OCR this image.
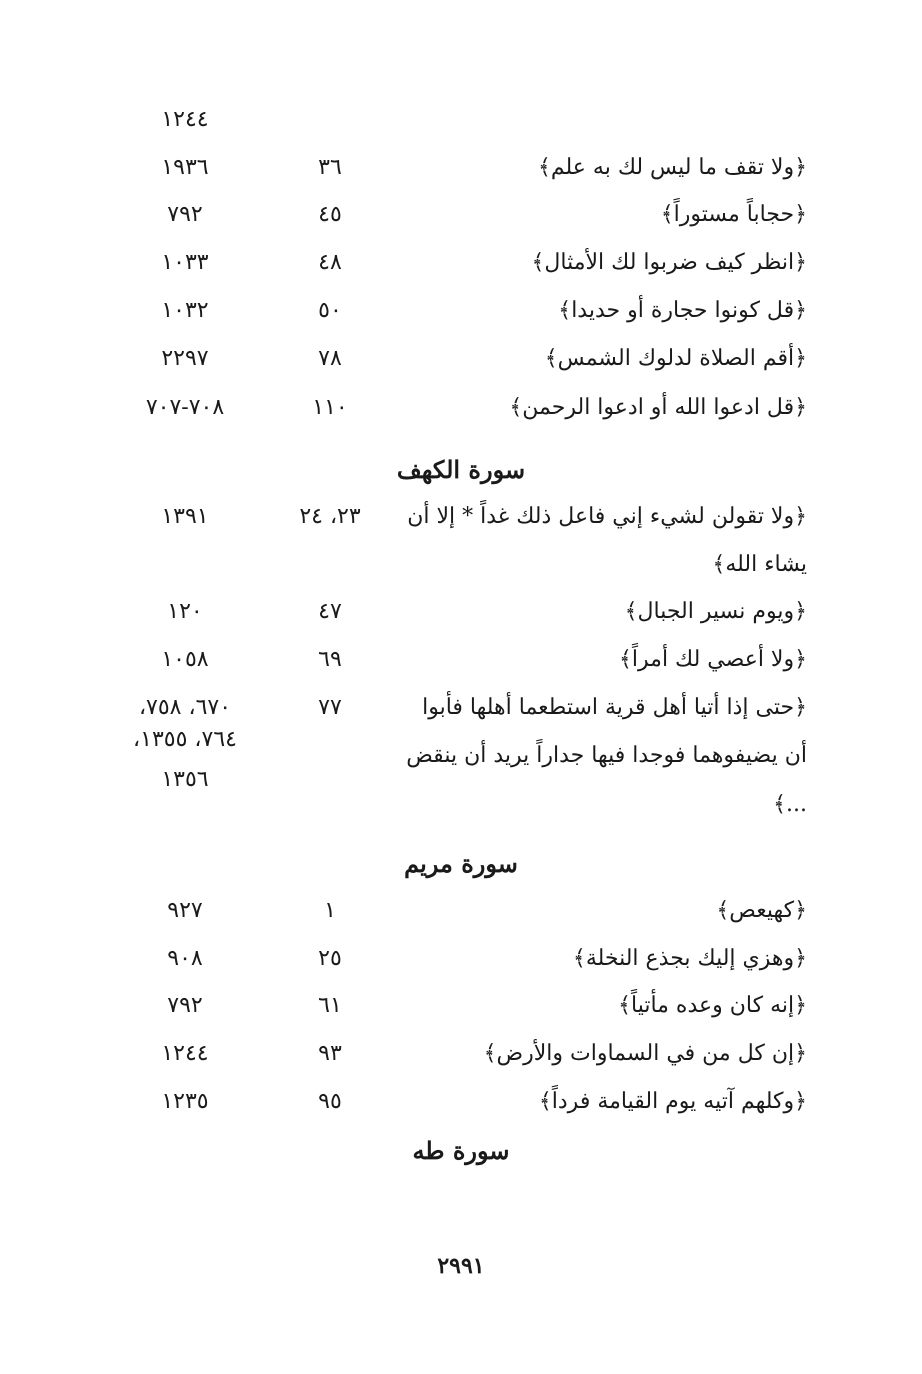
١٢٤٤
﴿ولا تقف ما ليس لك به علم﴾
٣٦
١٩٣٦
﴿حجاباً مستوراً﴾
٤٥
٧٩٢
﴿انظر كيف ضربوا لك الأمثال﴾
٤٨
١٠٣٣
﴿قل كونوا حجارة أو حديدا﴾
٥٠
١٠٣٢
﴿أقم الصلاة لدلوك الشمس﴾
٧٨
٢٢٩٧
﴿قل ادعوا الله أو ادعوا الرحمن﴾
١١٠
٧٠٨-٧٠٧
سورة الكهف
﴿ولا تقولن لشيء إني فاعل ذلك غداً * إلا أن
٢٣، ٢٤
١٣٩١
يشاء الله﴾
﴿ويوم نسير الجبال﴾
٤٧
١٢٠
﴿ولا أعصي لك أمراً﴾
٦٩
١٠٥٨
﴿حتى إذا أتيا أهل قرية استطعما أهلها فأبوا
٧٧
٦٧٠، ٧٥٨،
٧٦٤، ١٣٥٥،
أن يضيفوهما فوجدا فيها جداراً يريد أن ينقض
١٣٥٦
...﴾
سورة مريم
﴿كهيعص﴾
١
٩٢٧
﴿وهزي إليك بجذع النخلة﴾
٢٥
٩٠٨
﴿إنه كان وعده مأتياً﴾
٦١
٧٩٢
﴿إن كل من في السماوات والأرض﴾
٩٣
١٢٤٤
﴿وكلهم آتيه يوم القيامة فرداً﴾
٩٥
١٢٣٥
سورة طه
٢٩٩١
